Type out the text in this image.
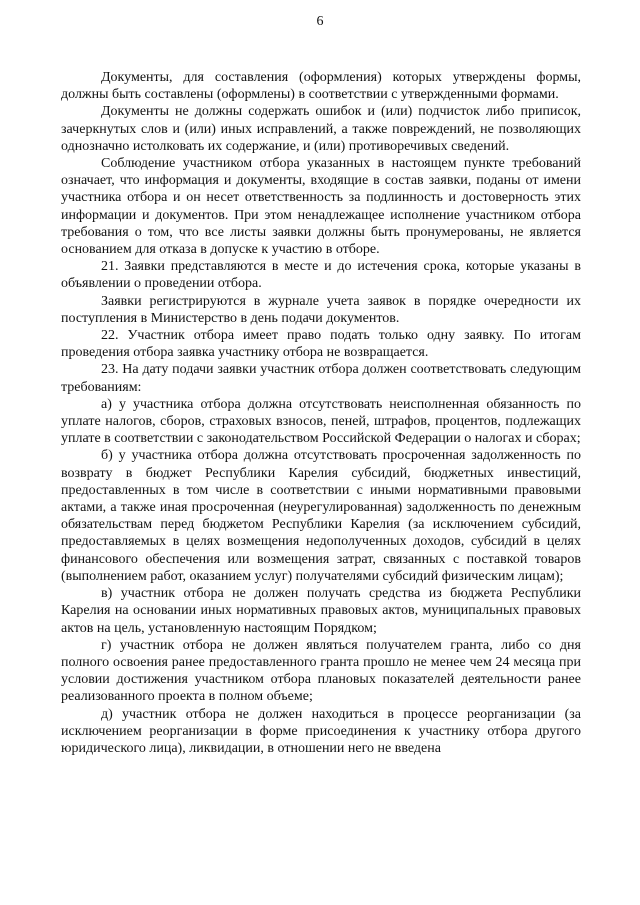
6

Документы, для составления (оформления) которых утверждены формы, должны быть составлены (оформлены) в соответствии с утвержденными формами.

Документы не должны содержать ошибок и (или) подчисток либо приписок, зачеркнутых слов и (или) иных исправлений, а также повреждений, не позволяющих однозначно истолковать их содержание, и (или) противоречивых сведений.

Соблюдение участником отбора указанных в настоящем пункте требований означает, что информация и документы, входящие в состав заявки, поданы от имени участника отбора и он несет ответственность за подлинность и достоверность этих информации и документов. При этом ненадлежащее исполнение участником отбора требования о том, что все листы заявки должны быть пронумерованы, не является основанием для отказа в допуске к участию в отборе.

21. Заявки представляются в месте и до истечения срока, которые указаны в объявлении о проведении отбора.

Заявки регистрируются в журнале учета заявок в порядке очередности их поступления в Министерство в день подачи документов.

22. Участник отбора имеет право подать только одну заявку. По итогам проведения отбора заявка участнику отбора не возвращается.

23. На дату подачи заявки участник отбора должен соответствовать следующим требованиям:

а) у участника отбора должна отсутствовать неисполненная обязанность по уплате налогов, сборов, страховых взносов, пеней, штрафов, процентов, подлежащих уплате в соответствии с законодательством Российской Федерации о налогах и сборах;

б) у участника отбора должна отсутствовать просроченная задолженность по возврату в бюджет Республики Карелия субсидий, бюджетных инвестиций, предоставленных в том числе в соответствии с иными нормативными правовыми актами, а также иная просроченная (неурегулированная) задолженность по денежным обязательствам перед бюджетом Республики Карелия (за исключением субсидий, предоставляемых в целях возмещения недополученных доходов, субсидий в целях финансового обеспечения или возмещения затрат, связанных с поставкой товаров (выполнением работ, оказанием услуг) получателями субсидий физическим лицам);

в) участник отбора не должен получать средства из бюджета Республики Карелия на основании иных нормативных правовых актов, муниципальных правовых актов на цель, установленную настоящим Порядком;

г) участник отбора не должен являться получателем гранта, либо со дня полного освоения ранее предоставленного гранта прошло не менее чем 24 месяца при условии достижения участником отбора плановых показателей деятельности ранее реализованного проекта в полном объеме;

д) участник отбора не должен находиться в процессе реорганизации (за исключением реорганизации в форме присоединения к участнику отбора другого юридического лица), ликвидации, в отношении него не введена
